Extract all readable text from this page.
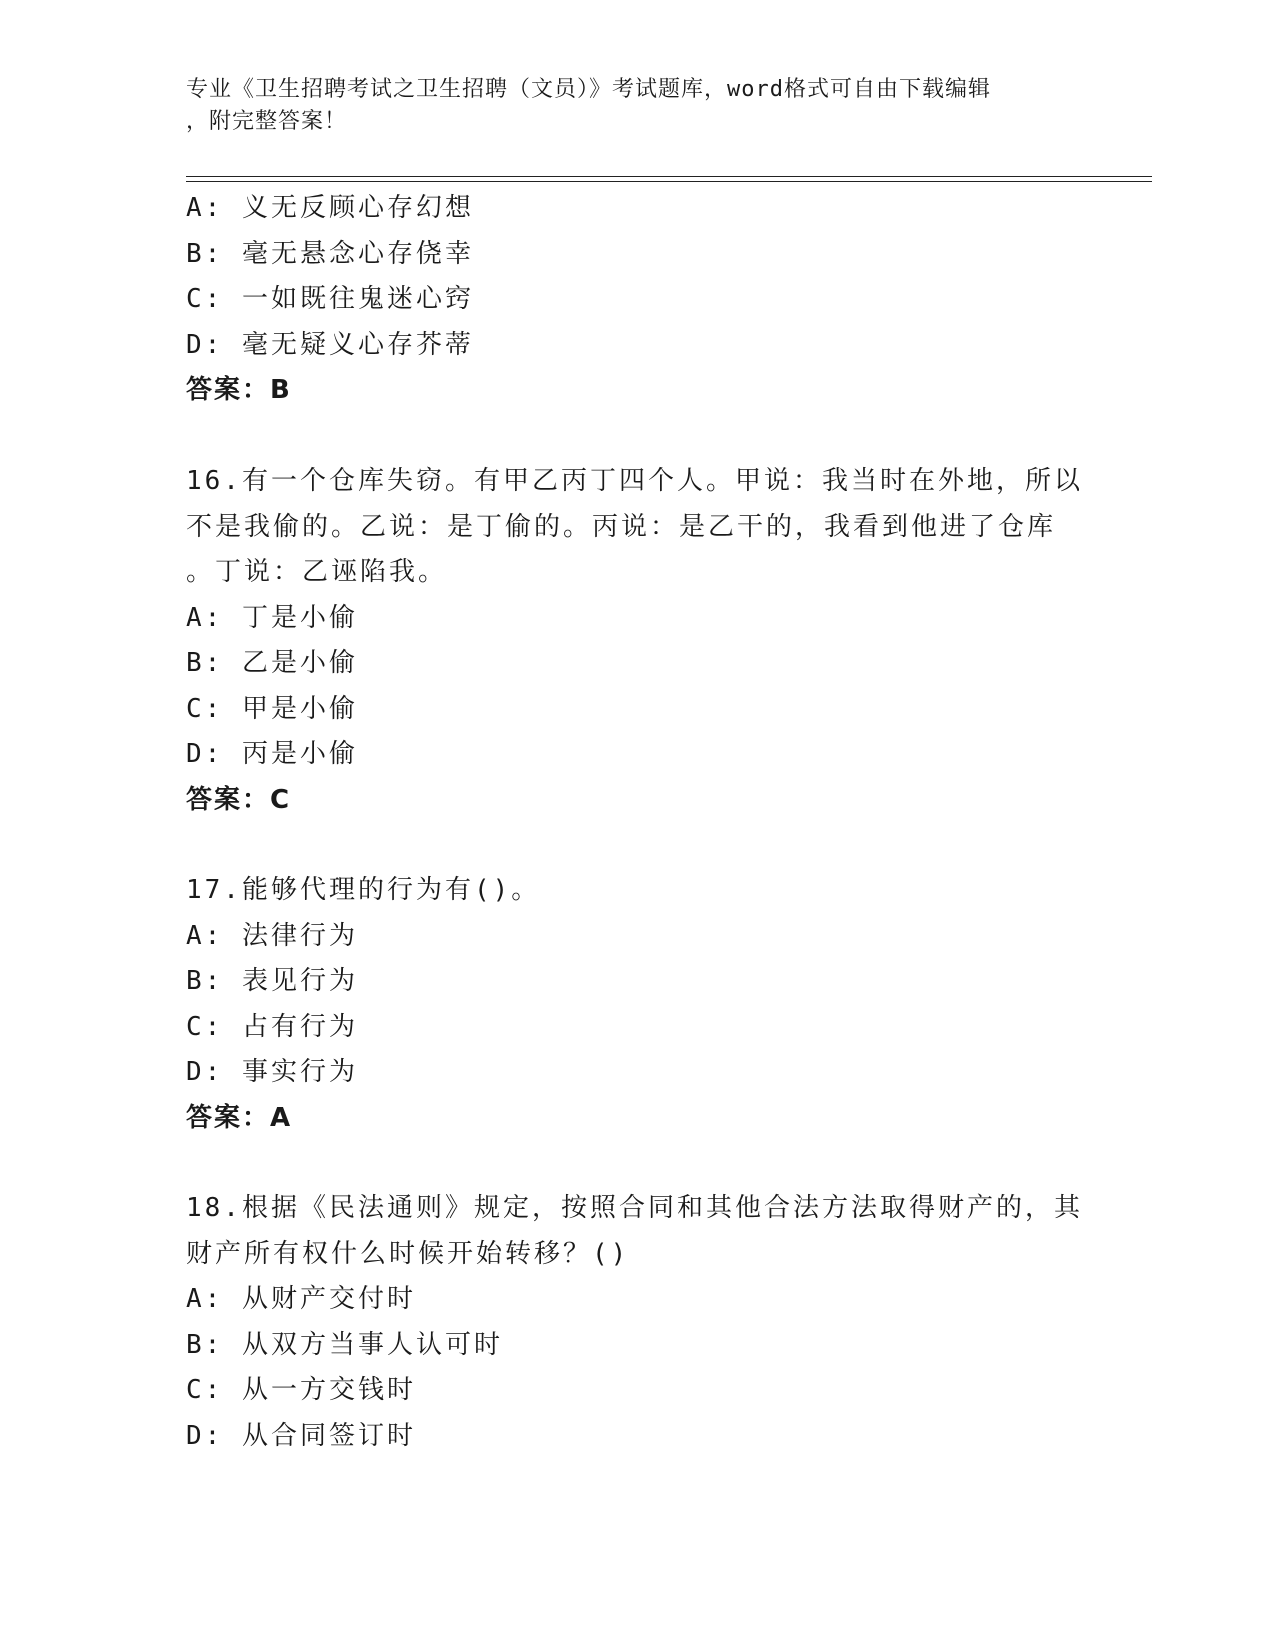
专业《卫生招聘考试之卫生招聘（文员）》考试题库，word格式可自由下载编辑
，附完整答案！
A: 义无反顾心存幻想
B: 毫无悬念心存侥幸
C: 一如既往鬼迷心窍
D: 毫无疑义心存芥蒂
答案：B
16.有一个仓库失窃。有甲乙丙丁四个人。甲说：我当时在外地，所以
不是我偷的。乙说：是丁偷的。丙说：是乙干的，我看到他进了仓库
。丁说：乙诬陷我。
A: 丁是小偷
B: 乙是小偷
C: 甲是小偷
D: 丙是小偷
答案：C
17.能够代理的行为有()。
A: 法律行为
B: 表见行为
C: 占有行为
D: 事实行为
答案：A
18.根据《民法通则》规定，按照合同和其他合法方法取得财产的，其
财产所有权什么时候开始转移？()
A: 从财产交付时
B: 从双方当事人认可时
C: 从一方交钱时
D: 从合同签订时
